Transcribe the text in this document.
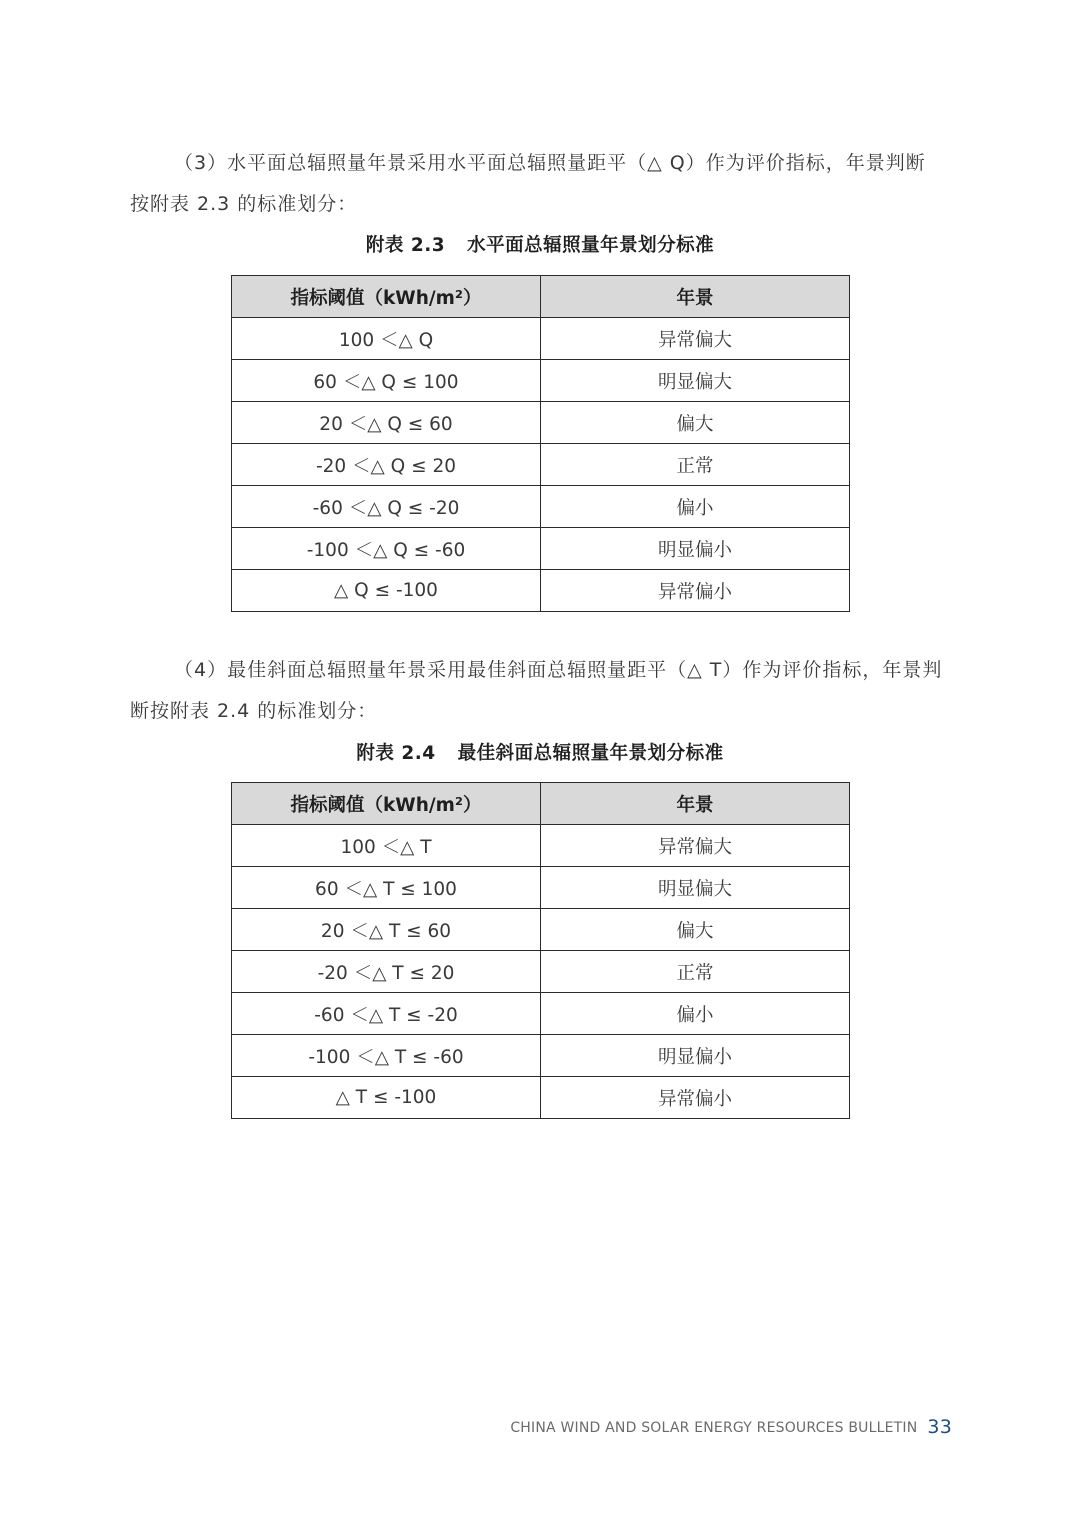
（3）水平面总辐照量年景采用水平面总辐照量距平（△ Q）作为评价指标，年景判断
按附表 2.3 的标准划分：
附表 2.3 水平面总辐照量年景划分标准
指标阈值（kWh/m²）	年景
100 ＜△ Q	异常偏大
60 ＜△ Q ≤ 100	明显偏大
20 ＜△ Q ≤ 60	偏大
-20 ＜△ Q ≤ 20	正常
-60 ＜△ Q ≤ -20	偏小
-100 ＜△ Q ≤ -60	明显偏小
△ Q ≤ -100	异常偏小
（4）最佳斜面总辐照量年景采用最佳斜面总辐照量距平（△ T）作为评价指标，年景判
断按附表 2.4 的标准划分：
附表 2.4 最佳斜面总辐照量年景划分标准
指标阈值（kWh/m²）	年景
100 ＜△ T	异常偏大
60 ＜△ T ≤ 100	明显偏大
20 ＜△ T ≤ 60	偏大
-20 ＜△ T ≤ 20	正常
-60 ＜△ T ≤ -20	偏小
-100 ＜△ T ≤ -60	明显偏小
△ T ≤ -100	异常偏小
CHINA WIND AND SOLAR ENERGY RESOURCES BULLETIN 33
